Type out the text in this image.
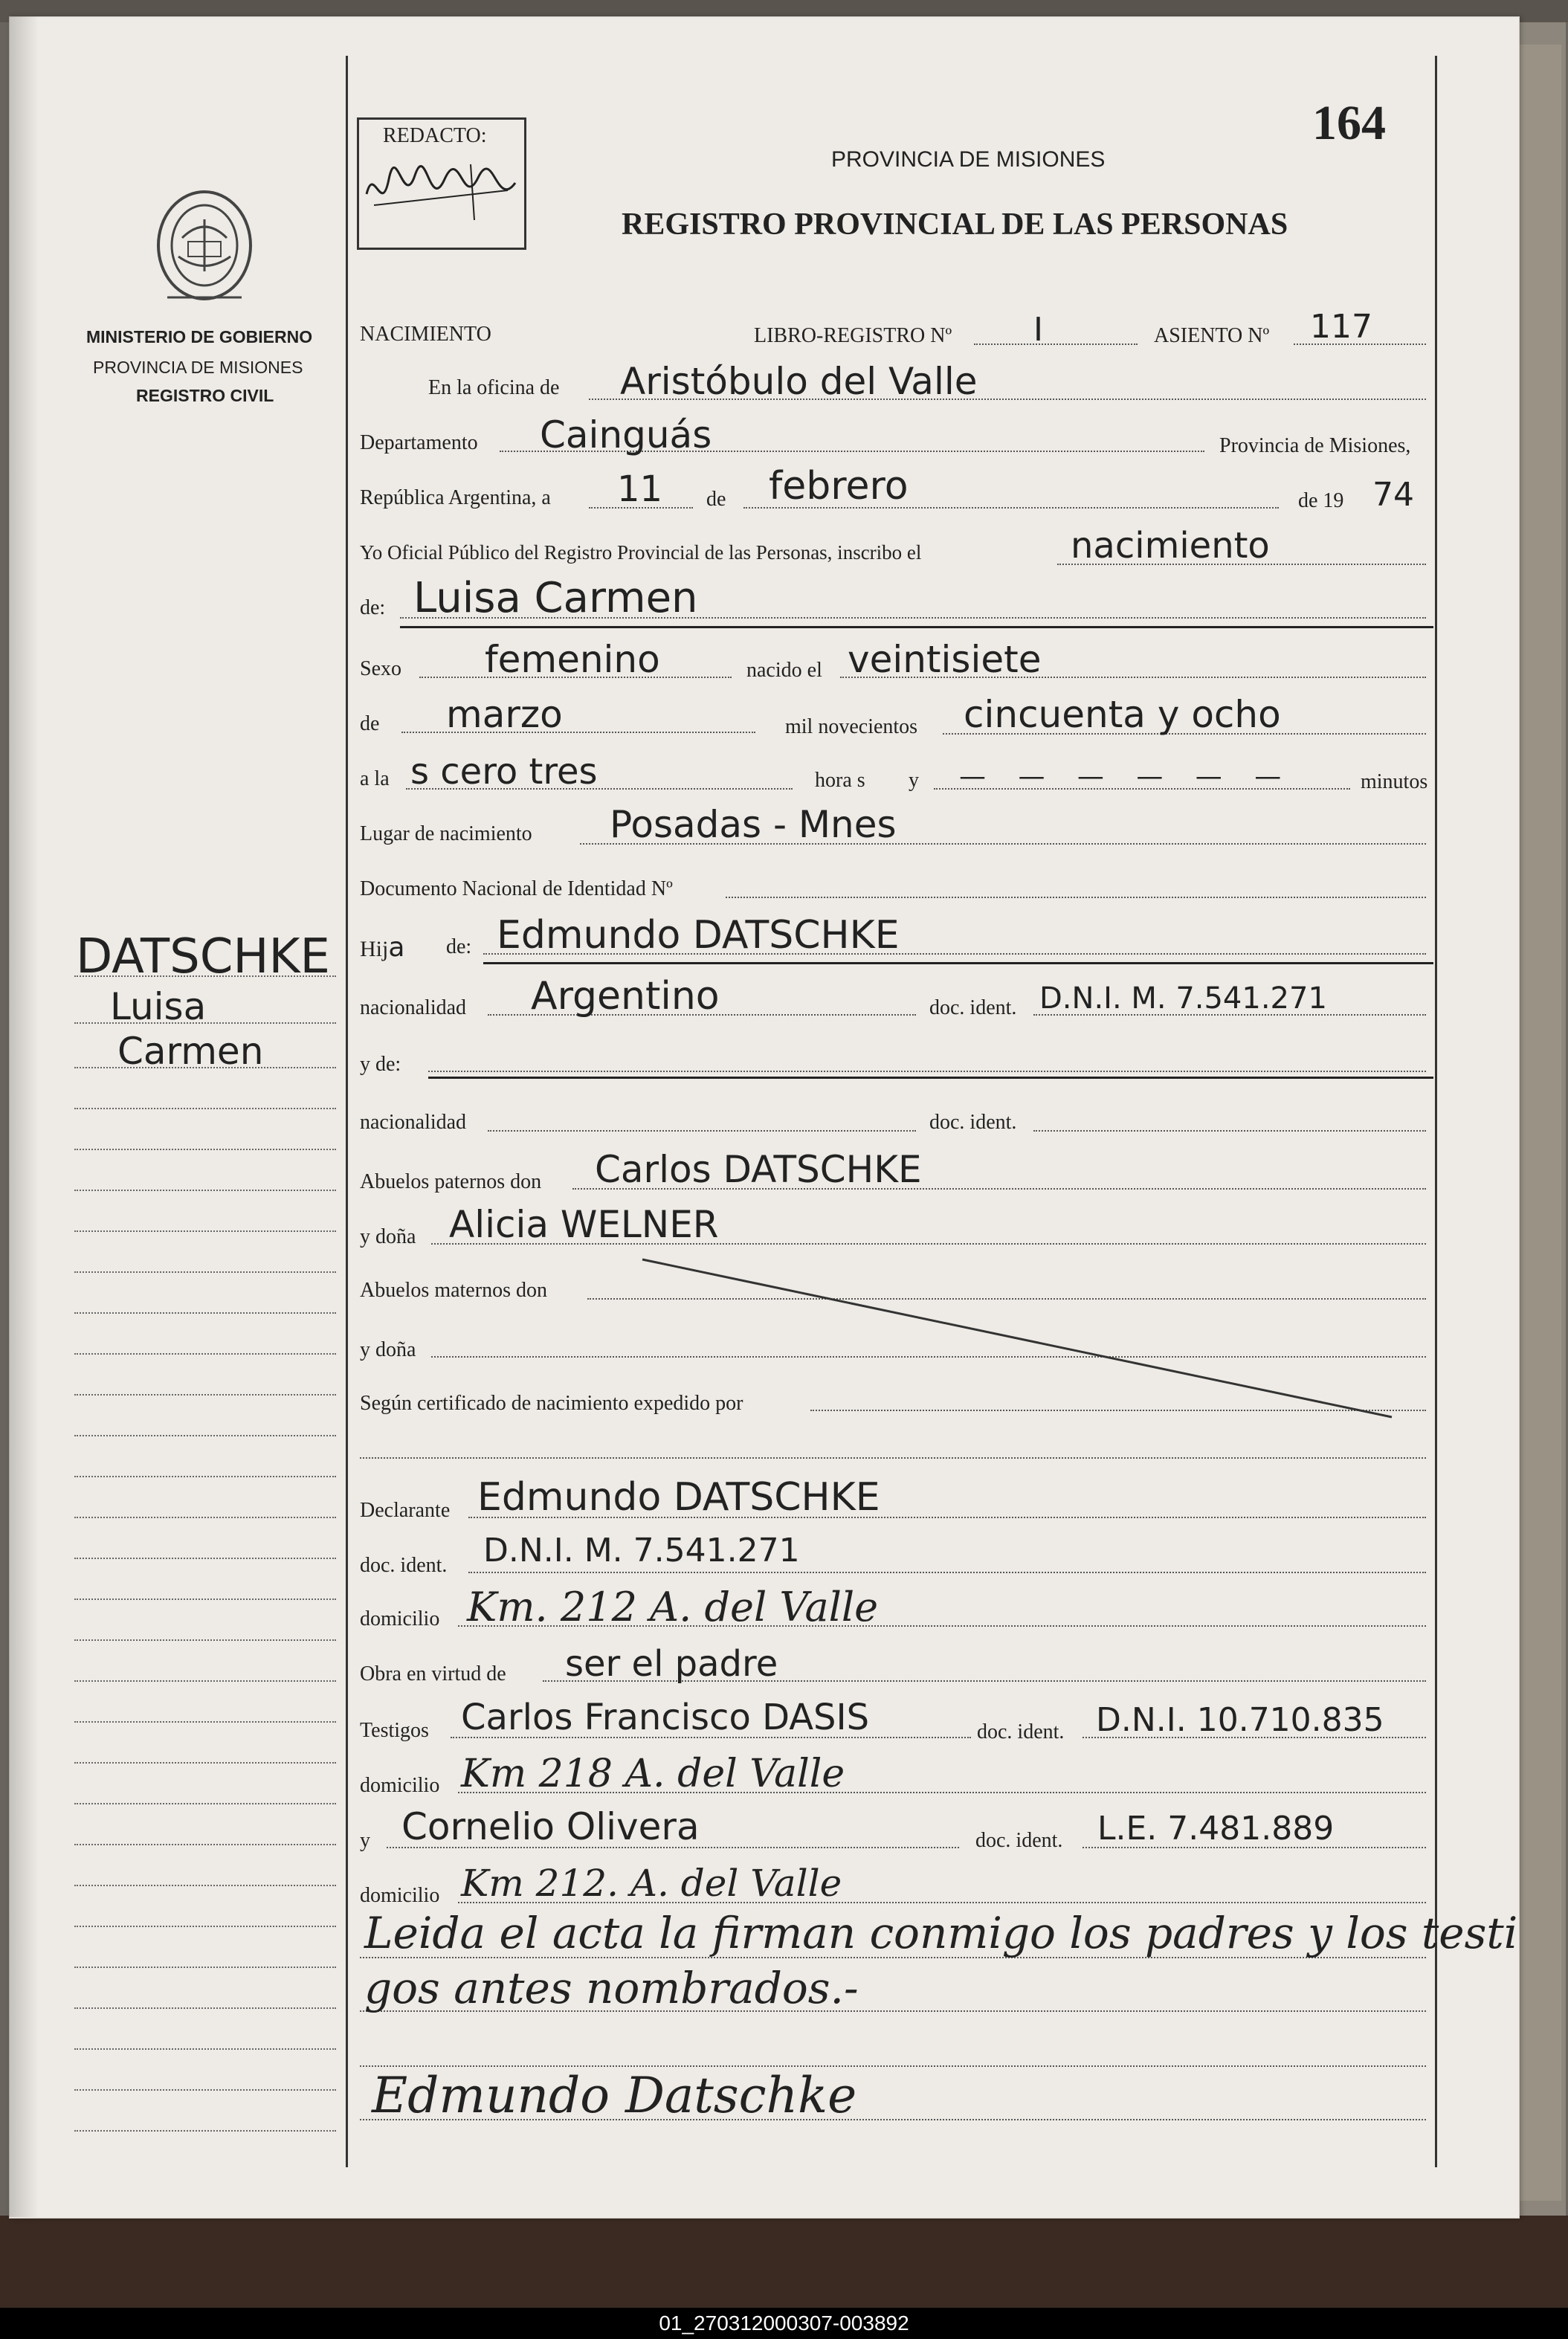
164
REDACTO:
PROVINCIA DE MISIONES
REGISTRO PROVINCIAL DE LAS PERSONAS
MINISTERIO DE GOBIERNO
PROVINCIA DE MISIONES
REGISTRO CIVIL
DATSCHKE
Luisa
Carmen
NACIMIENTO	LIBRO-REGISTRO Nº I	ASIENTO Nº 117
En la oficina de Aristóbulo del Valle
Departamento Cainguás	Provincia de Misiones,
República Argentina, a 11 de febrero	de 19 74
Yo Oficial Público del Registro Provincial de las Personas, inscribo el	nacimiento
de: Luisa Carmen
Sexo femenino	nacido el veintisiete
de marzo	mil novecientos cincuenta y ocho
a la s cero tres	hora s y — — — — — —	minutos
Lugar de nacimiento Posadas - Mnes
Documento Nacional de Identidad Nº
Hija de: Edmundo DATSCHKE
nacionalidad Argentino	doc. ident. D.N.I. M. 7.541.271
y de:
nacionalidad	doc. ident.
Abuelos paternos don Carlos DATSCHKE
y doña Alicia WELNER
Abuelos maternos don
y doña
Según certificado de nacimiento expedido por
Declarante Edmundo DATSCHKE
doc. ident. D.N.I. M. 7.541.271
domicilio Km. 212 A. del Valle
Obra en virtud de ser el padre
Testigos Carlos Francisco DASIS	doc. ident. D.N.I. 10.710.835
domicilio Km 218 A. del Valle
y Cornelio Olivera	doc. ident. L.E. 7.481.889
domicilio Km 212. A. del Valle
Leida el acta la firman conmigo los padres y los testi
gos antes nombrados.-
Edmundo Datschke
01_270312000307-003892
